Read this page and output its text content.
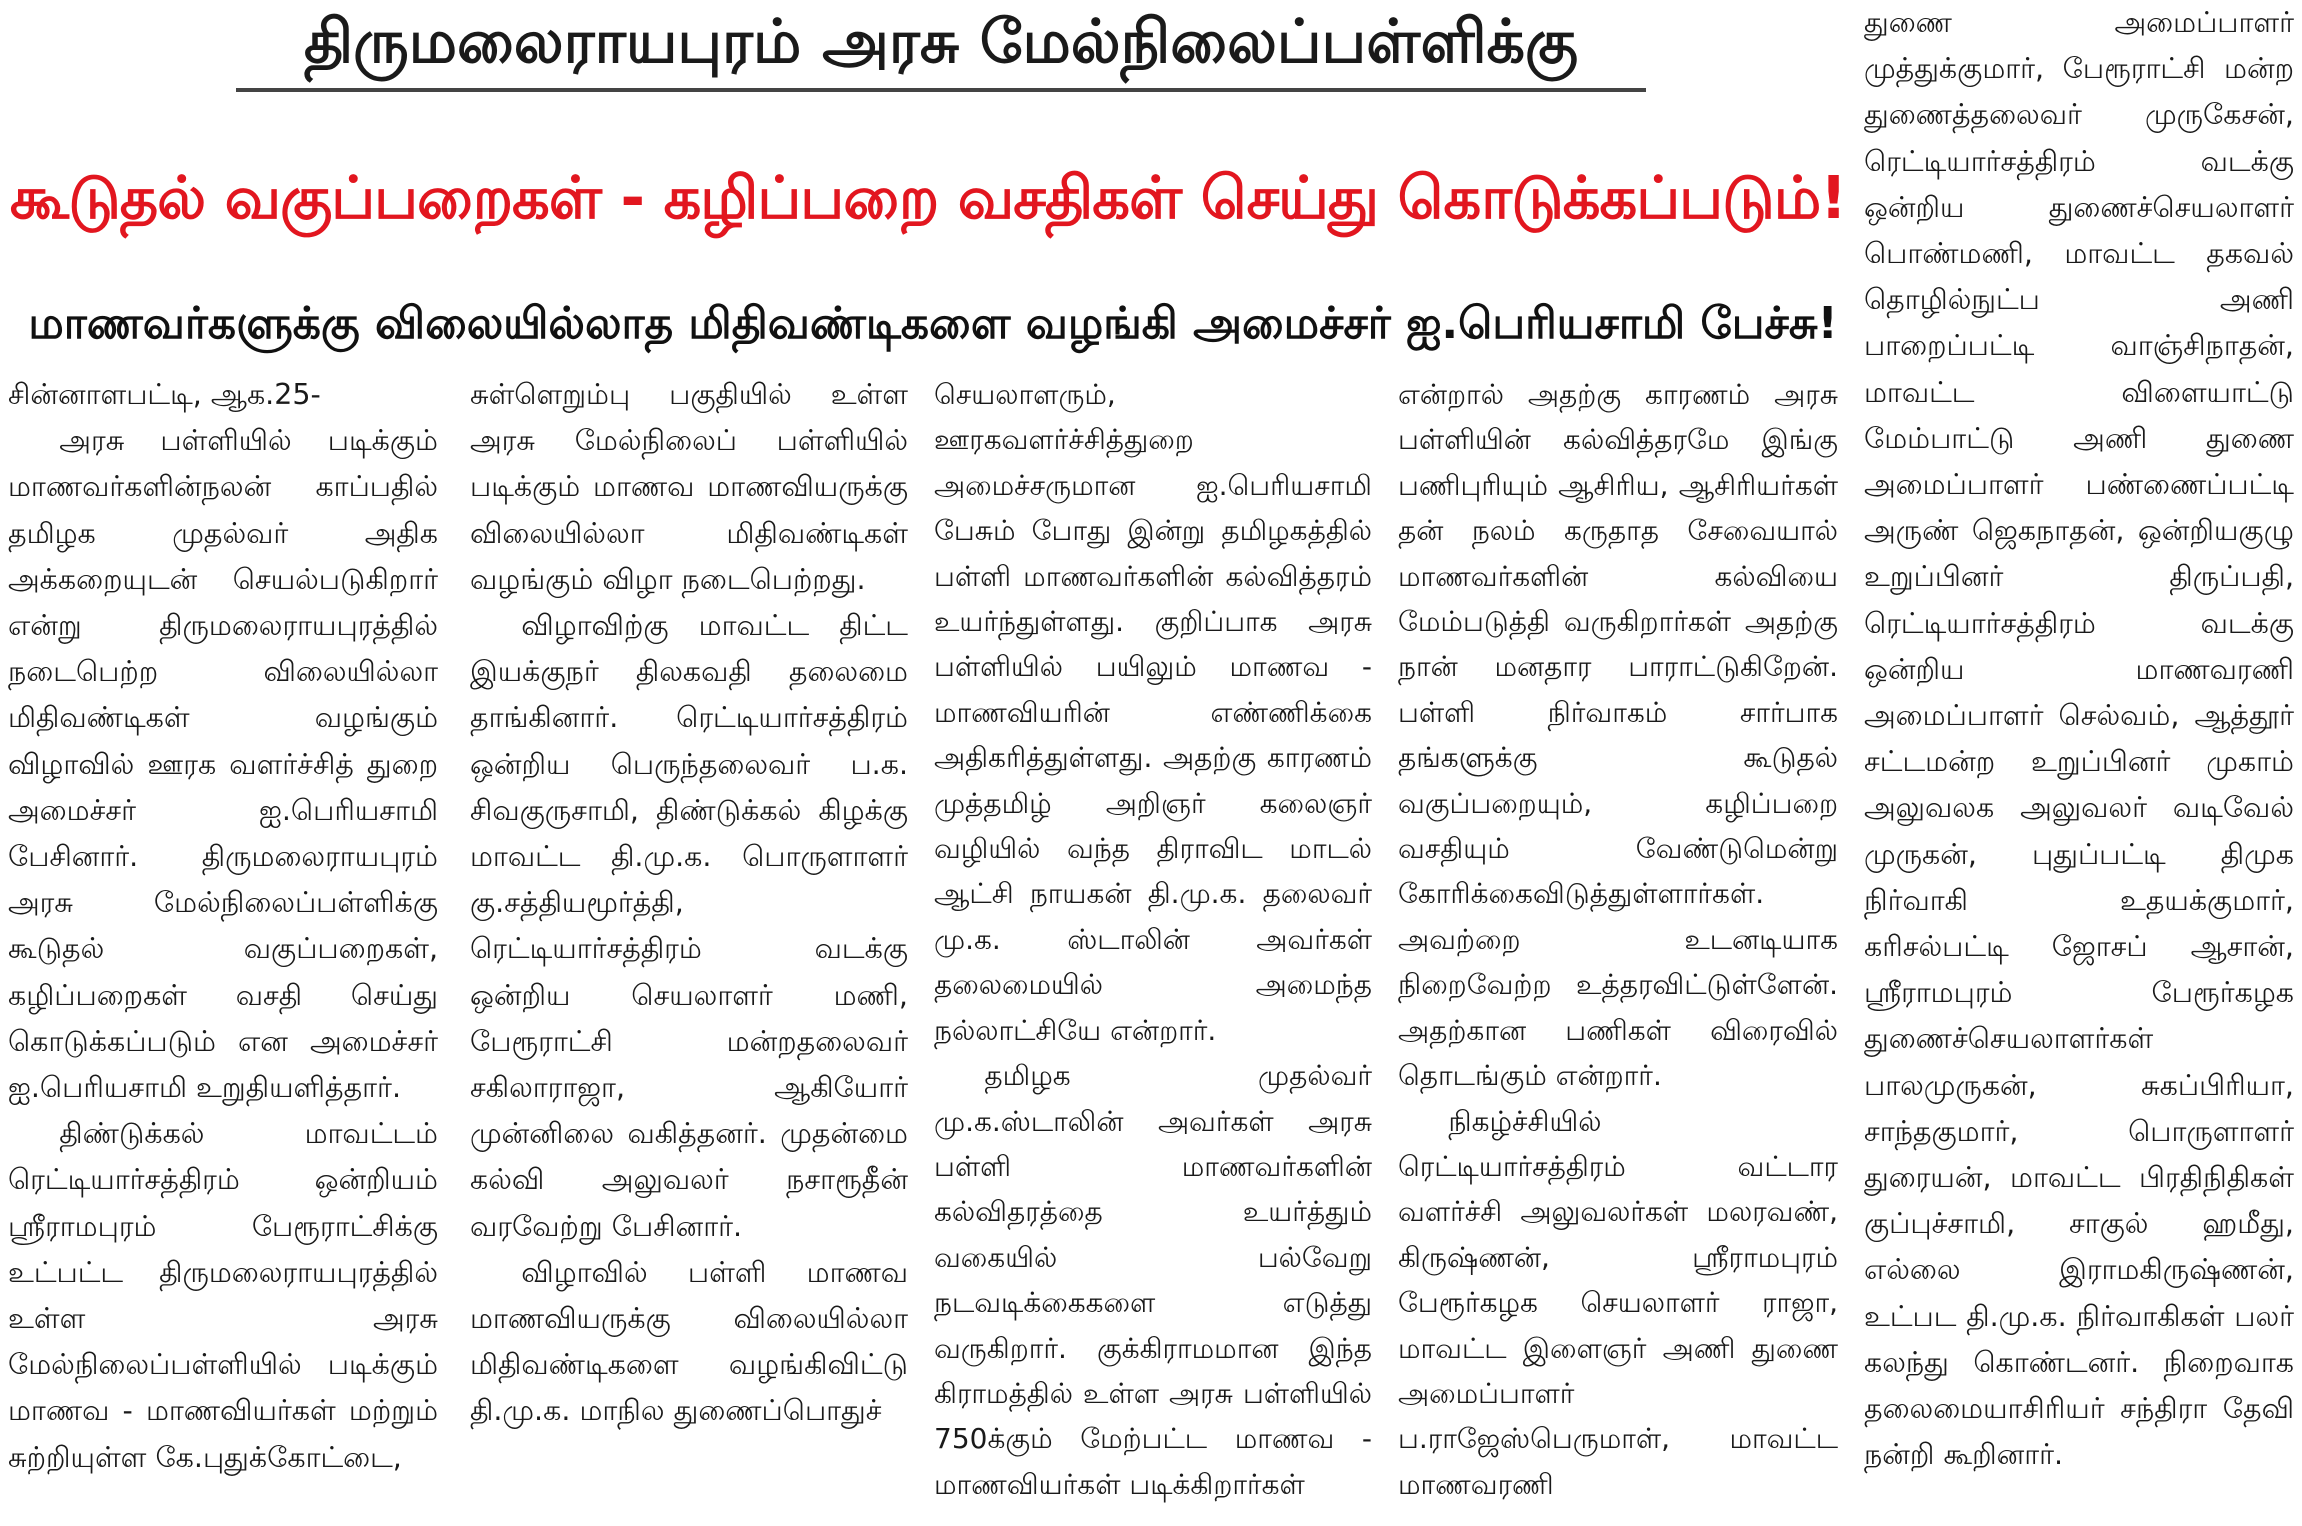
திருமலைராயபுரம் அரசு மேல்நிலைப்பள்ளிக்கு
கூடுதல் வகுப்பறைகள் - கழிப்பறை வசதிகள் செய்து கொடுக்கப்படும்!
மாணவர்களுக்கு விலையில்லாத மிதிவண்டிகளை வழங்கி அமைச்சர் ஐ.பெரியசாமி பேச்சு!

சின்னாளபட்டி, ஆக.25-

அரசு பள்ளியில் படிக்கும் மாணவர்களின்நலன் காப்பதில் தமிழக முதல்வர் அதிக அக்கறையுடன் செயல்படுகிறார் என்று திருமலைராயபுரத்தில் நடைபெற்ற விலையில்லா மிதிவண்டிகள் வழங்கும் விழாவில் ஊரக வளர்ச்சித் துறை அமைச்சர் ஐ.பெரியசாமி பேசினார். திருமலைராயபுரம் அரசு மேல்நிலைப்பள்ளிக்கு கூடுதல் வகுப்பறைகள், கழிப்பறைகள் வசதி செய்து கொடுக்கப்படும் என அமைச்சர் ஐ.பெரியசாமி உறுதியளித்தார்.

திண்டுக்கல் மாவட்டம் ரெட்டியார்சத்திரம் ஒன்றியம் ஸ்ரீராமபுரம் பேரூராட்சிக்கு உட்பட்ட திருமலைராயபுரத்தில் உள்ள அரசு மேல்நிலைப்பள்ளியில் படிக்கும் மாணவ - மாணவியர்கள் மற்றும் சுற்றியுள்ள கே.புதுக்கோட்டை,

சுள்ளெறும்பு பகுதியில் உள்ள அரசு மேல்நிலைப் பள்ளியில் படிக்கும் மாணவ மாணவியருக்கு விலையில்லா மிதிவண்டிகள் வழங்கும் விழா நடைபெற்றது.

விழாவிற்கு மாவட்ட திட்ட இயக்குநர் திலகவதி தலைமை தாங்கினார். ரெட்டியார்சத்திரம் ஒன்றிய பெருந்தலைவர் ப.க. சிவகுருசாமி, திண்டுக்கல் கிழக்கு மாவட்ட தி.மு.க. பொருளாளர் கு.சத்தியமூர்த்தி, ரெட்டியார்சத்திரம் வடக்கு ஒன்றிய செயலாளர் மணி, பேரூராட்சி மன்றதலைவர் சகிலாராஜா, ஆகியோர் முன்னிலை வகித்தனர். முதன்மை கல்வி அலுவலர் நசாரூதீன் வரவேற்று பேசினார்.

விழாவில் பள்ளி மாணவ மாணவியருக்கு விலையில்லா மிதிவண்டிகளை வழங்கிவிட்டு தி.மு.க. மாநில துணைப்பொதுச்

செயலாளரும், ஊரகவளர்ச்சித்துறை அமைச்சருமான ஐ.பெரியசாமி பேசும் போது இன்று தமிழகத்தில் பள்ளி மாணவர்களின் கல்வித்தரம் உயர்ந்துள்ளது. குறிப்பாக அரசு பள்ளியில் பயிலும் மாணவ - மாணவியரின் எண்ணிக்கை அதிகரித்துள்ளது. அதற்கு காரணம் முத்தமிழ் அறிஞர் கலைஞர் வழியில் வந்த திராவிட மாடல் ஆட்சி நாயகன் தி.மு.க. தலைவர் மு.க. ஸ்டாலின் அவர்கள் தலைமையில் அமைந்த நல்லாட்சியே என்றார்.

தமிழக முதல்வர் மு.க.ஸ்டாலின் அவர்கள் அரசு பள்ளி மாணவர்களின் கல்விதரத்தை உயர்த்தும் வகையில் பல்வேறு நடவடிக்கைகளை எடுத்து வருகிறார். குக்கிராமமான இந்த கிராமத்தில் உள்ள அரசு பள்ளியில் 750க்கும் மேற்பட்ட மாணவ - மாணவியர்கள் படிக்கிறார்கள்

என்றால் அதற்கு காரணம் அரசு பள்ளியின் கல்வித்தரமே இங்கு பணிபுரியும் ஆசிரிய, ஆசிரியர்கள் தன் நலம் கருதாத சேவையால் மாணவர்களின் கல்வியை மேம்படுத்தி வருகிறார்கள் அதற்கு நான் மனதார பாராட்டுகிறேன். பள்ளி நிர்வாகம் சார்பாக தங்களுக்கு கூடுதல் வகுப்பறையும், கழிப்பறை வசதியும் வேண்டுமென்று கோரிக்கைவிடுத்துள்ளார்கள். அவற்றை உடனடியாக நிறைவேற்ற உத்தரவிட்டுள்ளேன். அதற்கான பணிகள் விரைவில் தொடங்கும் என்றார்.

நிகழ்ச்சியில் ரெட்டியார்சத்திரம் வட்டார வளர்ச்சி அலுவலர்கள் மலரவண், கிருஷ்ணன், ஸ்ரீராமபுரம் பேரூர்கழக செயலாளர் ராஜா, மாவட்ட இளைஞர் அணி துணை அமைப்பாளர் ப.ராஜேஸ்பெருமாள், மாவட்ட மாணவரணி

துணை அமைப்பாளர் முத்துக்குமார், பேரூராட்சி மன்ற துணைத்தலைவர் முருகேசன், ரெட்டியார்சத்திரம் வடக்கு ஒன்றிய துணைச்செயலாளர் பொண்மணி, மாவட்ட தகவல் தொழில்நுட்ப அணி பாறைப்பட்டி வாஞ்சிநாதன், மாவட்ட விளையாட்டு மேம்பாட்டு அணி துணை அமைப்பாளர் பண்ணைப்பட்டி அருண் ஜெகநாதன், ஒன்றியகுழு உறுப்பினர் திருப்பதி, ரெட்டியார்சத்திரம் வடக்கு ஒன்றிய மாணவரணி அமைப்பாளர் செல்வம், ஆத்தூர் சட்டமன்ற உறுப்பினர் முகாம் அலுவலக அலுவலர் வடிவேல் முருகன், புதுப்பட்டி திமுக நிர்வாகி உதயக்குமார், கரிசல்பட்டி ஜோசப் ஆசான், ஸ்ரீராமபுரம் பேரூர்கழக துணைச்செயலாளர்கள் பாலமுருகன், சுகப்பிரியா, சாந்தகுமார், பொருளாளர் துரையன், மாவட்ட பிரதிநிதிகள் குப்புச்சாமி, சாகுல் ஹமீது, எல்லை இராமகிருஷ்ணன், உட்பட தி.மு.க. நிர்வாகிகள் பலர் கலந்து கொண்டனர். நிறைவாக தலைமையாசிரியர் சந்திரா தேவி நன்றி கூறினார்.
